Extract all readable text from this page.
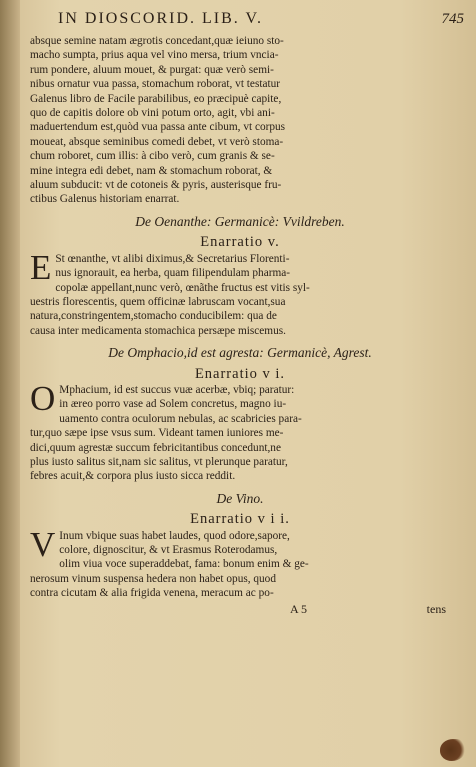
IN DIOSCORID. LIB. V.	745
absque semine natam ægrotis concedant,quæ ieiuno sto-
macho sumpta, prius aqua vel vino mersa, trium vncia-
rum pondere, aluum mouet, & purgat: quæ verò semi-
nibus ornatur vua passa, stomachum roborat, vt testatur
Galenus libro de Facile parabilibus, eo præcipuè capite,
quo de capitis dolore ob vini potum orto, agit, vbi ani-
maduertendum est,quòd vua passa ante cibum, vt corpus
moueat, absque seminibus comedi debet, vt verò stoma-
chum roboret, cum illis: à cibo verò, cum granis & se-
mine integra edi debet, nam & stomachum roborat, &
aluum subducit: vt de cotoneis & pyris, austerisque fru-
ctibus Galenus historiam enarrat.
De Oenanthe: Germanicè: Vvildreben.
Enarratio v.
E St œnanthe, vt alibi diximus,& Secretarius Florenti-
nus ignorauit, ea herba, quam filipendulam pharma-
copolæ appellant,nunc verò, œnãthe fructus est vitis syl-
uestris florescentis, quem officinæ labruscam vocant,sua
natura,constringentem,stomacho conducibilem: qua de
causa inter medicamenta stomachica persæpe miscemus.
De Omphacio,id est agresta: Germanicè, Agrest.
Enarratio v i.
O Mphacium, id est succus vuæ acerbæ, vbiq; paratur:
in æreo porro vase ad Solem concretus, magno iu-
uamento contra oculorum nebulas, ac scabricies para-
tur,quo sæpe ipse vsus sum. Videant tamen iuniores me-
dici,quum agrestæ succum febricitantibus concedunt,ne
plus iusto salitus sit,nam sic salitus, vt plerunque paratur,
febres acuit,& corpora plus iusto sicca reddit.
De Vino.
Enarratio v i i.
V Inum vbique suas habet laudes, quod odore,sapore,
colore, dignoscitur, & vt Erasmus Roterodamus,
olim viua voce superaddebat, fama: bonum enim & ge-
nerosum vinum suspensa hedera non habet opus, quod
contra cicutam & alia frigida venena, meracum ac po-
A 5	tens
